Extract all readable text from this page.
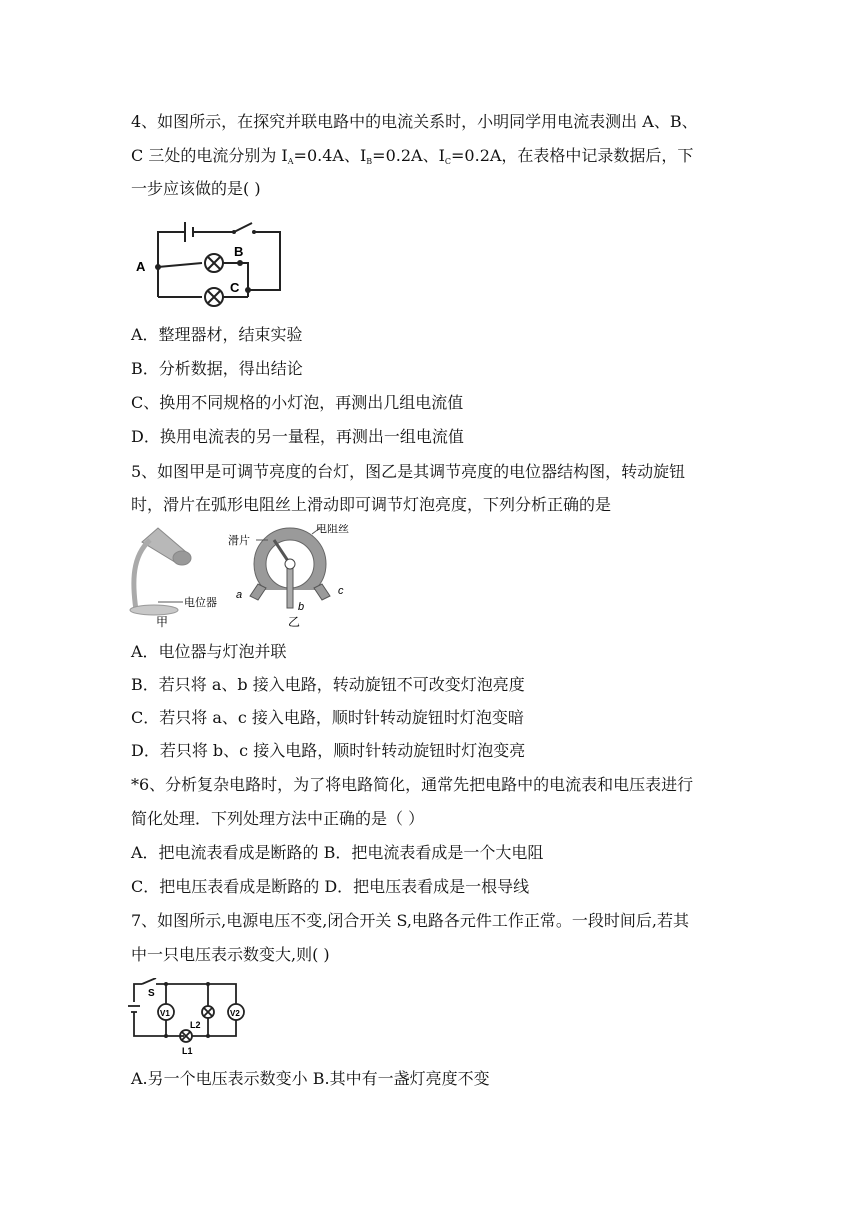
4、如图所示，在探究并联电路中的电流关系时，小明同学用电流表测出 A、B、
C 三处的电流分别为 $I_A=0.4A$、$I_B=0.2A$、$I_C=0.2A$，在表格中记录数据后，下
一步应该做的是( )
A
B
C
A．整理器材，结束实验
B．分析数据，得出结论
C、换用不同规格的小灯泡，再测出几组电流值
D．换用电流表的另一量程，再测出一组电流值
5、如图甲是可调节亮度的台灯，图乙是其调节亮度的电位器结构图，转动旋钮
时，滑片在弧形电阻丝上滑动即可调节灯泡亮度，下列分析正确的是
电位器
甲
滑片
电阻丝
a
b
c
乙
A．电位器与灯泡并联
B．若只将 a、b 接入电路，转动旋钮不可改变灯泡亮度
C．若只将 a、c 接入电路，顺时针转动旋钮时灯泡变暗
D．若只将 b、c 接入电路，顺时针转动旋钮时灯泡变亮
*6、分析复杂电路时，为了将电路简化，通常先把电路中的电流表和电压表进行
简化处理．下列处理方法中正确的是（ ）
A．把电流表看成是断路的 B．把电流表看成是一个大电阻
C．把电压表看成是断路的 D．把电压表看成是一根导线
7、如图所示,电源电压不变,闭合开关 S,电路各元件工作正常。一段时间后,若其
中一只电压表示数变大,则( )
S
V1	V2
L2
L1
A.另一个电压表示数变小 B.其中有一盏灯亮度不变
